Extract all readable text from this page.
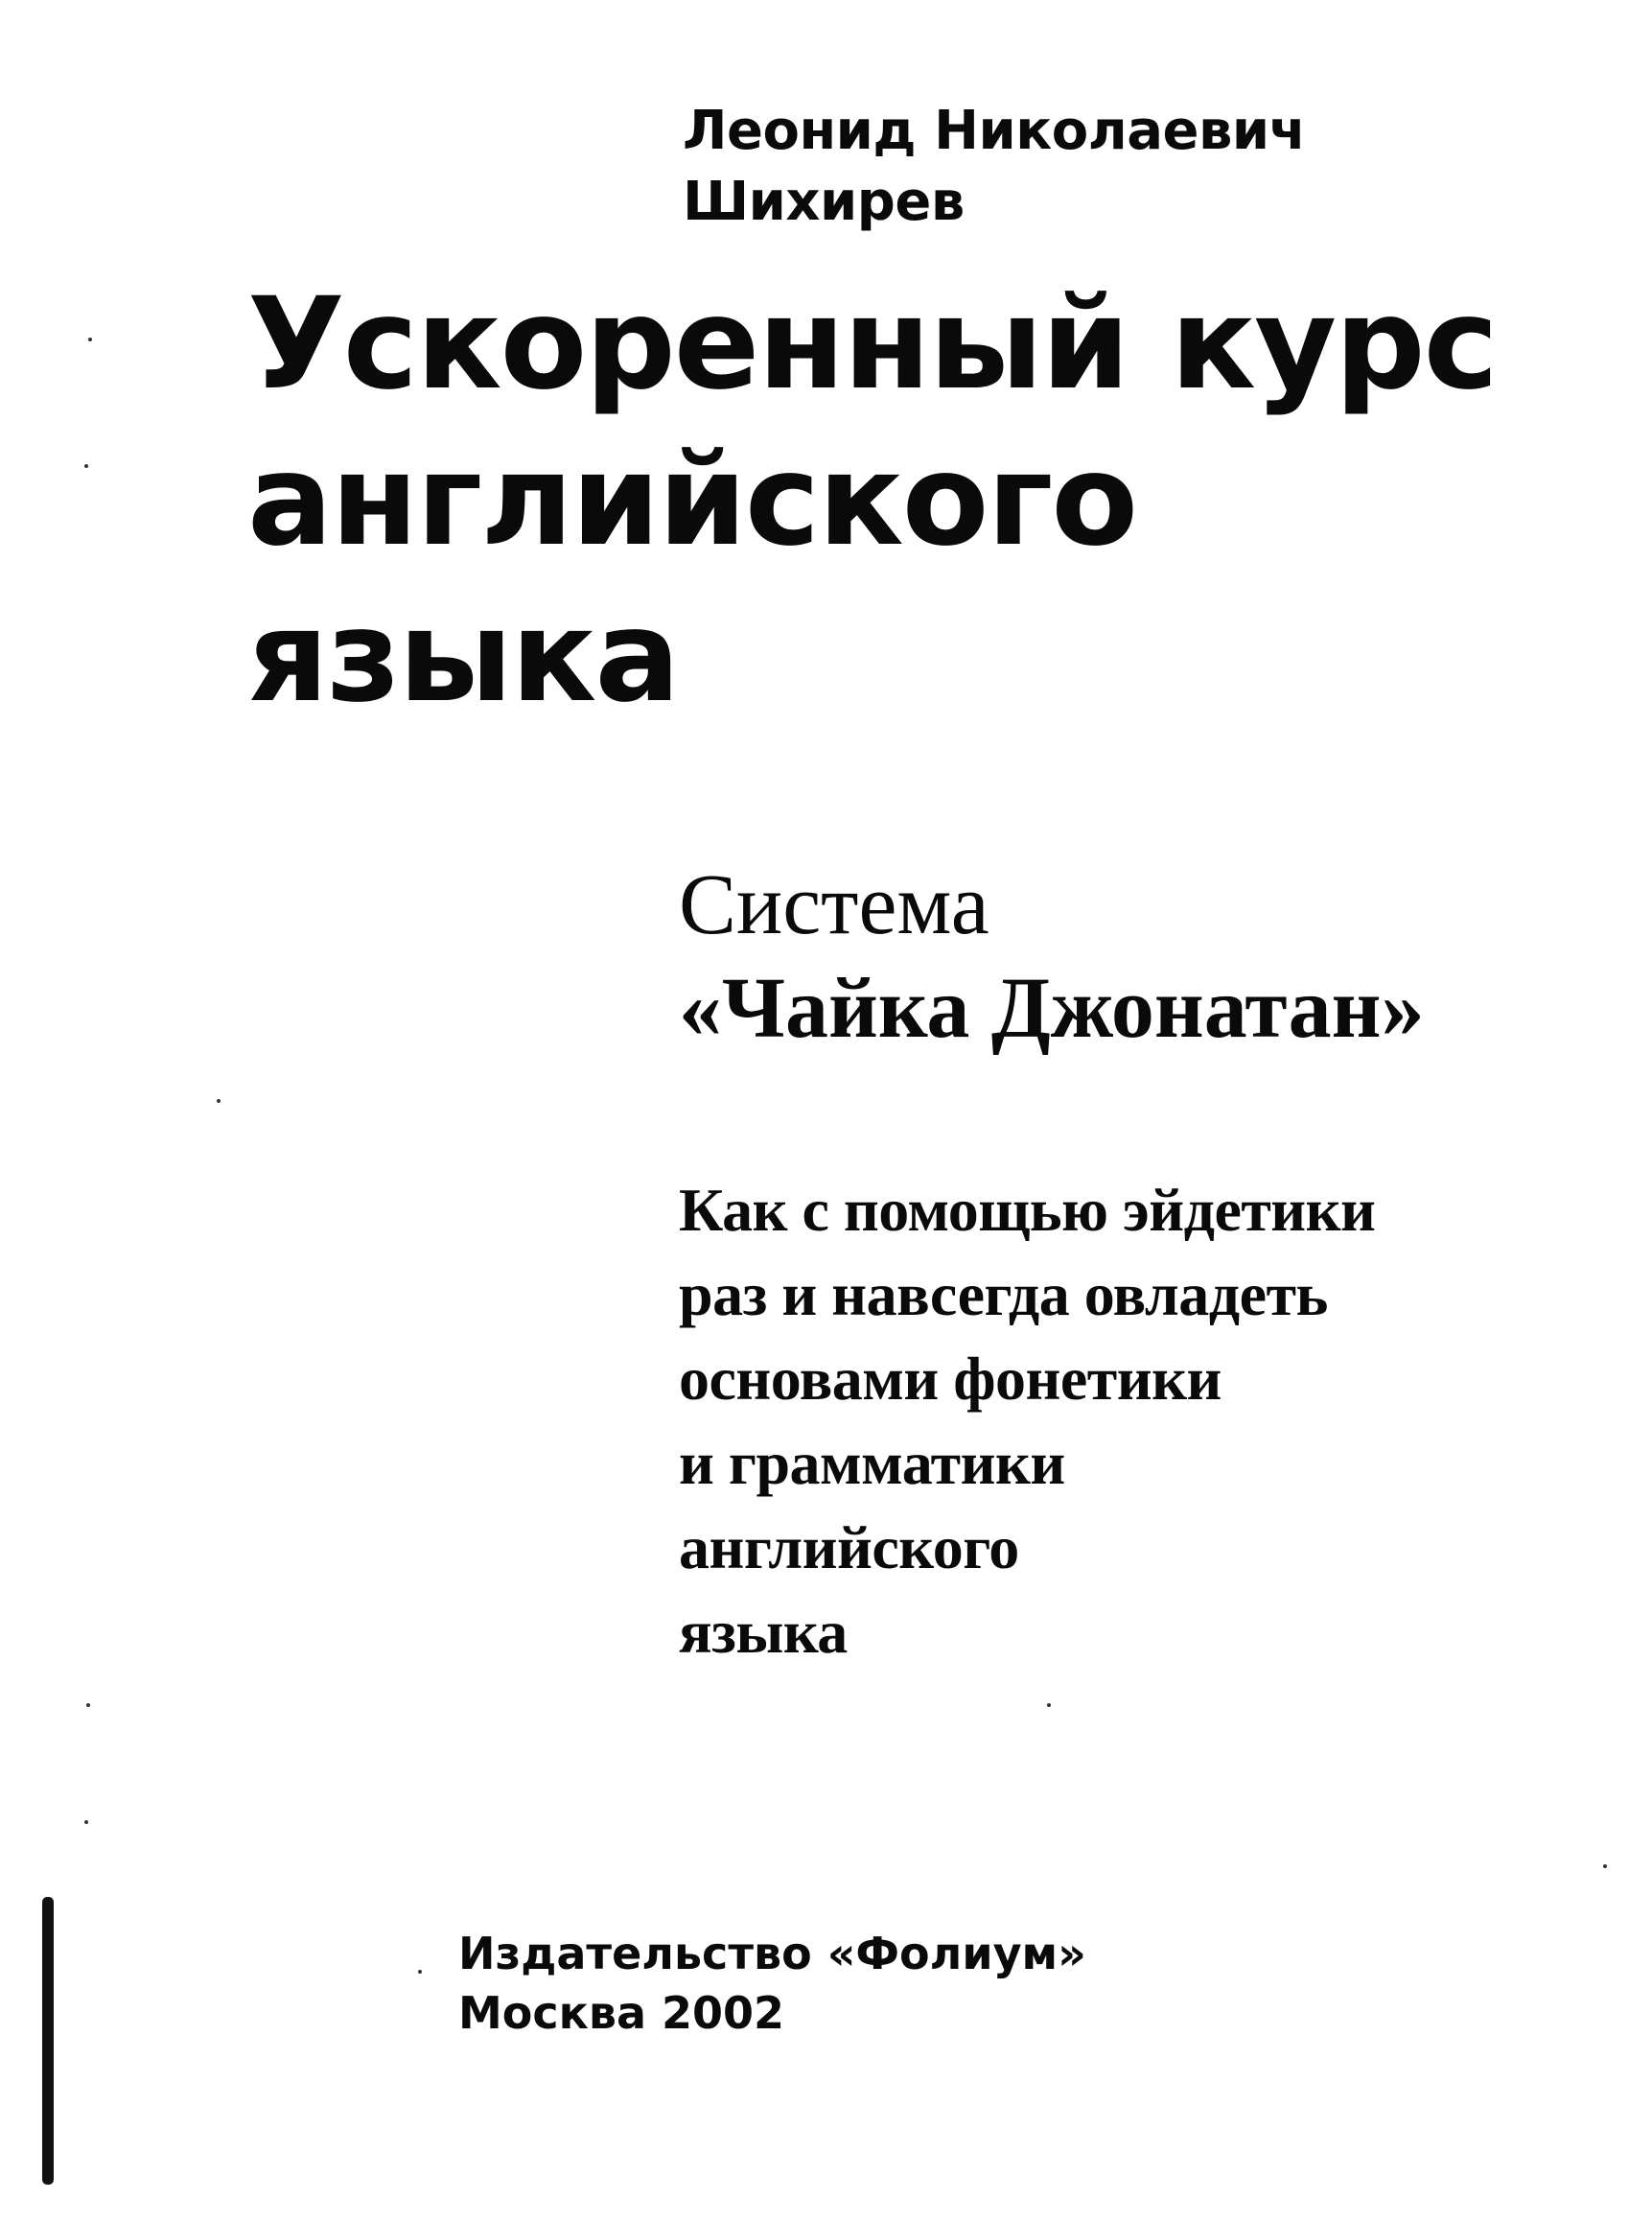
Леонид Николаевич
Шихирев
Ускоренный курс
английского
языка
Система
«Чайка Джонатан»
Как с помощью эйдетики
раз и навсегда овладеть
основами фонетики
и грамматики
английского
языка
Издательство «Фолиум»
Москва 2002
